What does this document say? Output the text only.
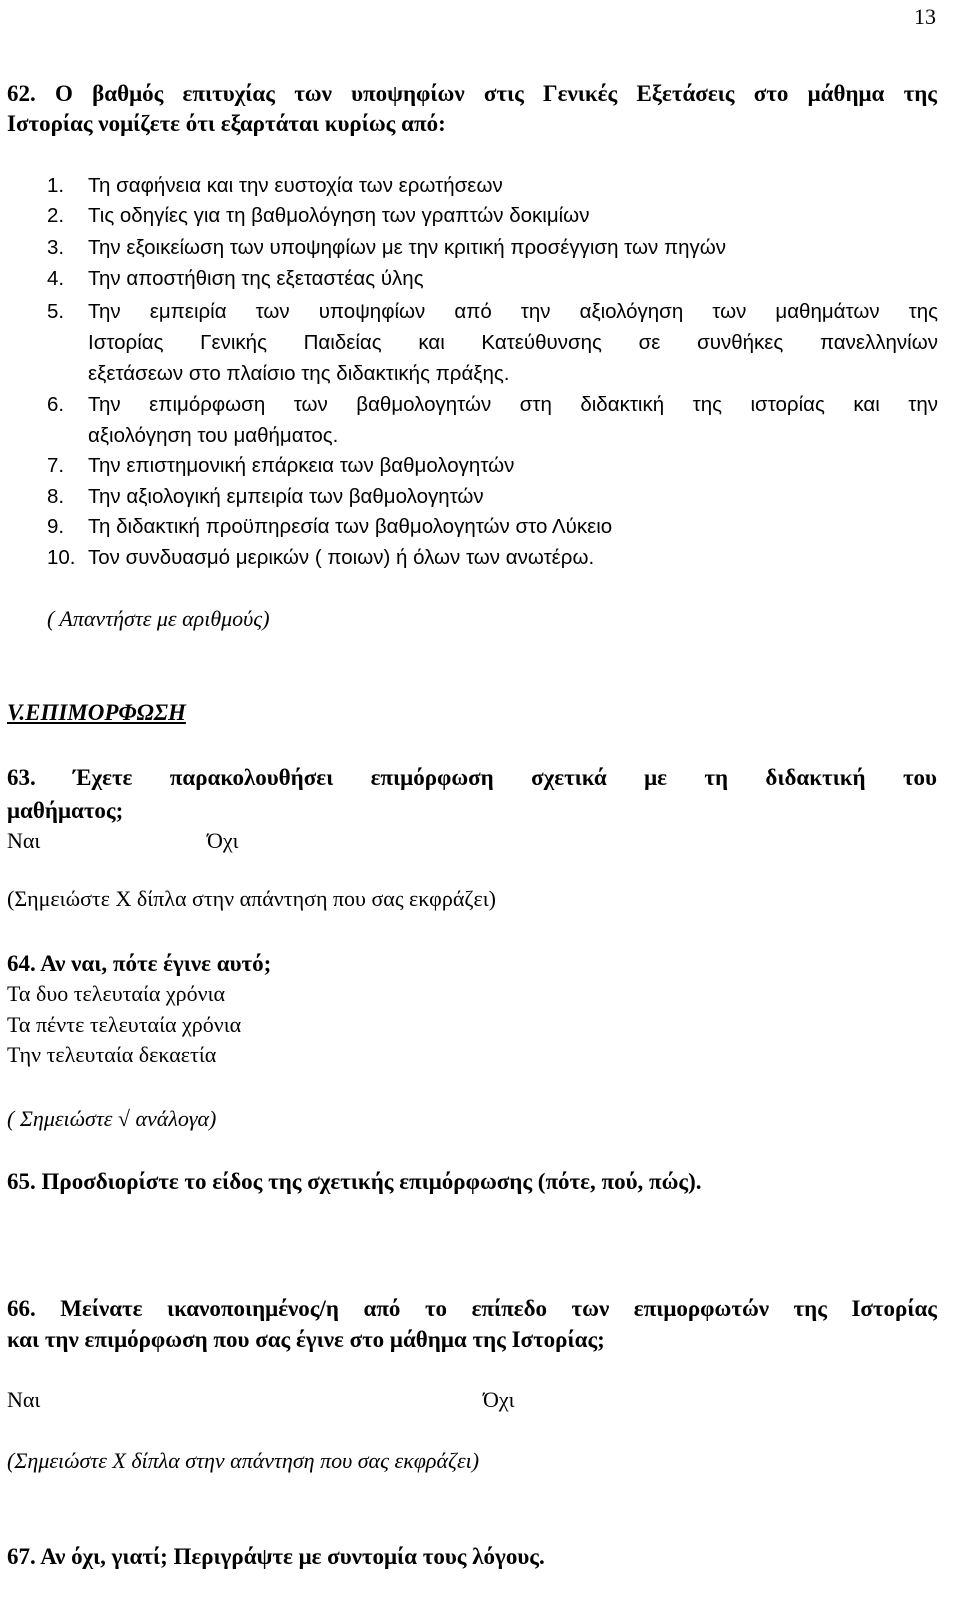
13
62. Ο βαθμός επιτυχίας των υποψηφίων στις Γενικές Εξετάσεις στο μάθημα της
Ιστορίας νομίζετε ότι εξαρτάται κυρίως από:
1. Τη σαφήνεια και την ευστοχία των ερωτήσεων
2. Τις οδηγίες για τη βαθμολόγηση των γραπτών δοκιμίων
3. Την εξοικείωση των υποψηφίων με την κριτική προσέγγιση των πηγών
4. Την αποστήθιση της εξεταστέας ύλης
5. Την εμπειρία των υποψηφίων από την αξιολόγηση των μαθημάτων της
Ιστορίας Γενικής Παιδείας και Κατεύθυνσης σε συνθήκες πανελληνίων
εξετάσεων στο πλαίσιο της διδακτικής πράξης.
6. Την επιμόρφωση των βαθμολογητών στη διδακτική της ιστορίας και την
αξιολόγηση του μαθήματος.
7. Την επιστημονική επάρκεια των βαθμολογητών
8. Την αξιολογική εμπειρία των βαθμολογητών
9. Τη διδακτική προϋπηρεσία των βαθμολογητών στο Λύκειο
10. Τον συνδυασμό μερικών ( ποιων) ή όλων των ανωτέρω.
( Απαντήστε με αριθμούς)
V.ΕΠΙΜΟΡΦΩΣΗ
63. Έχετε παρακολουθήσει επιμόρφωση σχετικά με τη διδακτική του
μαθήματος;
Ναι	Όχι
(Σημειώστε Χ δίπλα στην απάντηση που σας εκφράζει)
64. Αν ναι, πότε έγινε αυτό;
Τα δυο τελευταία χρόνια
Τα πέντε τελευταία χρόνια
Την τελευταία δεκαετία
( Σημειώστε √ ανάλογα)
65. Προσδιορίστε το είδος της σχετικής επιμόρφωσης (πότε, πού, πώς).
66. Μείνατε ικανοποιημένος/η από το επίπεδο των επιμορφωτών της Ιστορίας
και την επιμόρφωση που σας έγινε στο μάθημα της Ιστορίας;
Ναι	Όχι
(Σημειώστε Χ δίπλα στην απάντηση που σας εκφράζει)
67. Αν όχι, γιατί; Περιγράψτε με συντομία τους λόγους.
